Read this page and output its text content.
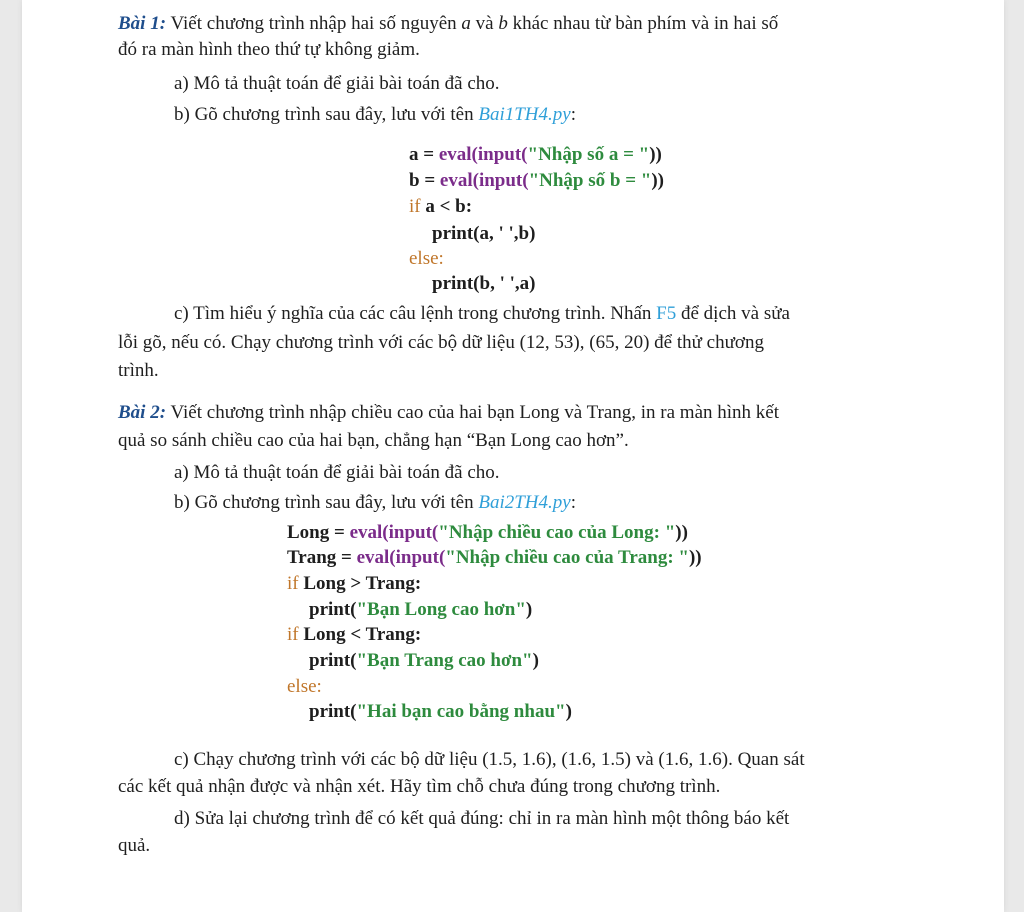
Bài 1: Viết chương trình nhập hai số nguyên a và b khác nhau từ bàn phím và in hai số
đó ra màn hình theo thứ tự không giảm.
a) Mô tả thuật toán để giải bài toán đã cho.
b) Gõ chương trình sau đây, lưu với tên Bai1TH4.py:
a = eval(input("Nhập số a = "))
b = eval(input("Nhập số b = "))
if a < b:
print(a, ' ',b)
else:
print(b, ' ',a)
c) Tìm hiểu ý nghĩa của các câu lệnh trong chương trình. Nhấn F5 để dịch và sửa
lỗi gõ, nếu có. Chạy chương trình với các bộ dữ liệu (12, 53), (65, 20) để thử chương
trình.
Bài 2: Viết chương trình nhập chiều cao của hai bạn Long và Trang, in ra màn hình kết
quả so sánh chiều cao của hai bạn, chẳng hạn “Bạn Long cao hơn”.
a) Mô tả thuật toán để giải bài toán đã cho.
b) Gõ chương trình sau đây, lưu với tên Bai2TH4.py:
Long = eval(input("Nhập chiều cao của Long: "))
Trang = eval(input("Nhập chiều cao của Trang: "))
if Long > Trang:
print("Bạn Long cao hơn")
if Long < Trang:
print("Bạn Trang cao hơn")
else:
print("Hai bạn cao bằng nhau")
c) Chạy chương trình với các bộ dữ liệu (1.5, 1.6), (1.6, 1.5) và (1.6, 1.6). Quan sát
các kết quả nhận được và nhận xét. Hãy tìm chỗ chưa đúng trong chương trình.
d) Sửa lại chương trình để có kết quả đúng: chỉ in ra màn hình một thông báo kết
quả.
